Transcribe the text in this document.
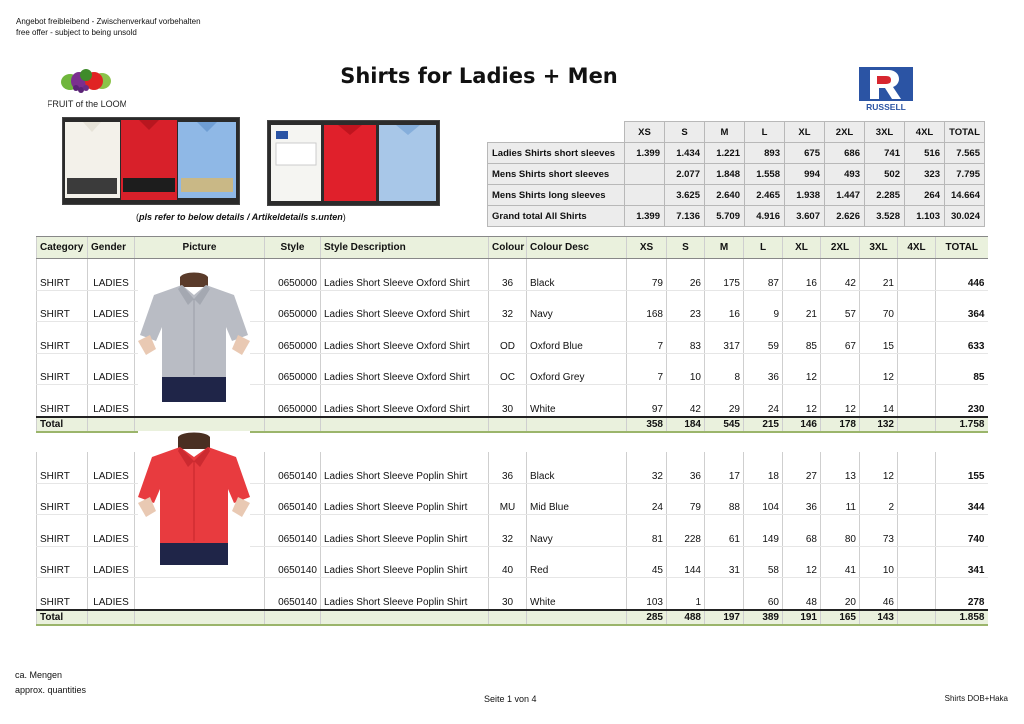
Angebot freibleibend - Zwischenverkauf vorbehalten
free offer - subject to being unsold
FRUIT of the LOOM
Shirts for Ladies + Men
RUSSELL
(pls refer to below details / Artikeldetails s.unten)
	XS	S	M	L	XL	2XL	3XL	4XL	TOTAL
Ladies Shirts short sleeves	1.399	1.434	1.221	893	675	686	741	516	7.565
Mens Shirts short sleeves		2.077	1.848	1.558	994	493	502	323	7.795
Mens Shirts long sleeves		3.625	2.640	2.465	1.938	1.447	2.285	264	14.664
Grand total All Shirts	1.399	7.136	5.709	4.916	3.607	2.626	3.528	1.103	30.024
Category	Gender	Picture	Style	Style Description	Colour	Colour Desc	XS	S	M	L	XL	2XL	3XL	4XL	TOTAL
SHIRT	LADIES		0650000	Ladies Short Sleeve Oxford Shirt	36	Black	79	26	175	87	16	42	21		446
SHIRT	LADIES		0650000	Ladies Short Sleeve Oxford Shirt	32	Navy	168	23	16	9	21	57	70		364
SHIRT	LADIES		0650000	Ladies Short Sleeve Oxford Shirt	OD	Oxford Blue	7	83	317	59	85	67	15		633
SHIRT	LADIES		0650000	Ladies Short Sleeve Oxford Shirt	OC	Oxford Grey	7	10	8	36	12		12		85
SHIRT	LADIES		0650000	Ladies Short Sleeve Oxford Shirt	30	White	97	42	29	24	12	12	14		230
Total							358	184	545	215	146	178	132		1.758

SHIRT	LADIES		0650140	Ladies Short Sleeve Poplin Shirt	36	Black	32	36	17	18	27	13	12		155
SHIRT	LADIES		0650140	Ladies Short Sleeve Poplin Shirt	MU	Mid Blue	24	79	88	104	36	11	2		344
SHIRT	LADIES		0650140	Ladies Short Sleeve Poplin Shirt	32	Navy	81	228	61	149	68	80	73		740
SHIRT	LADIES		0650140	Ladies Short Sleeve Poplin Shirt	40	Red	45	144	31	58	12	41	10		341
SHIRT	LADIES		0650140	Ladies Short Sleeve Poplin Shirt	30	White	103	1		60	48	20	46		278
Total							285	488	197	389	191	165	143		1.858
ca. Mengen
approx. quantities
Seite 1 von 4	Shirts DOB+Haka
